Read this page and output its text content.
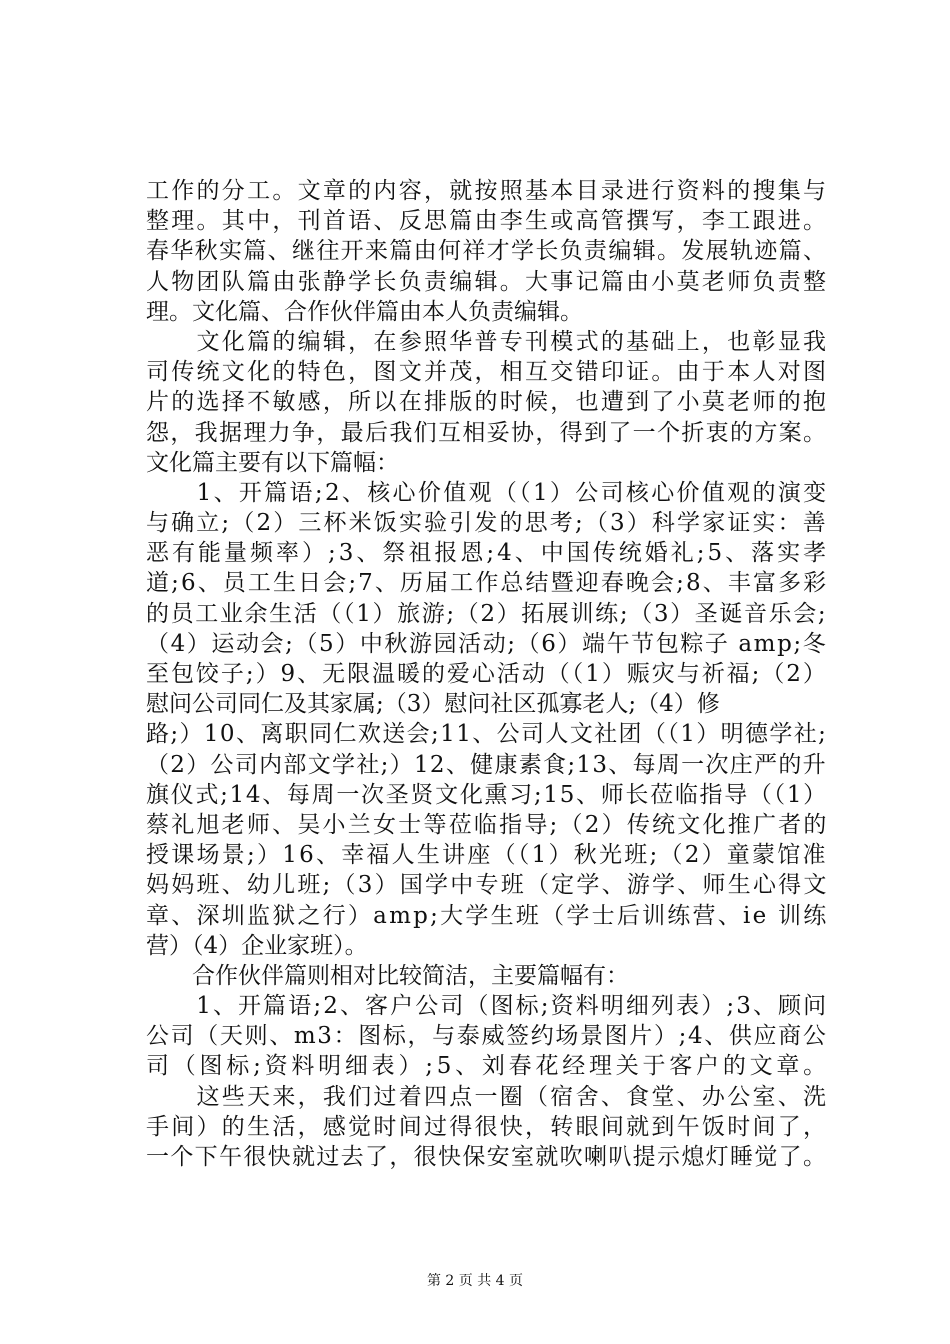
工作的分工。文章的内容，就按照基本目录进行资料的搜集与
整理。其中，刊首语、反思篇由李生或高管撰写，李工跟进。
春华秋实篇、继往开来篇由何祥才学长负责编辑。发展轨迹篇、
人物团队篇由张静学长负责编辑。大事记篇由小莫老师负责整
理。文化篇、合作伙伴篇由本人负责编辑。
　　文化篇的编辑，在参照华普专刊模式的基础上，也彰显我
司传统文化的特色，图文并茂，相互交错印证。由于本人对图
片的选择不敏感，所以在排版的时候，也遭到了小莫老师的抱
怨，我据理力争，最后我们互相妥协，得到了一个折衷的方案。
文化篇主要有以下篇幅：
　　1、开篇语;2、核心价值观（（1）公司核心价值观的演变
与确立;（2）三杯米饭实验引发的思考;（3）科学家证实：善
恶有能量频率）;3、祭祖报恩;4、中国传统婚礼;5、落实孝
道;6、员工生日会;7、历届工作总结暨迎春晚会;8、丰富多彩
的员工业余生活（（1）旅游;（2）拓展训练;（3）圣诞音乐会;
（4）运动会;（5）中秋游园活动;（6）端午节包粽子 amp;冬
至包饺子;）9、无限温暖的爱心活动（（1）赈灾与祈福;（2）
慰问公司同仁及其家属;（3）慰问社区孤寡老人;（4）修
路;）10、离职同仁欢送会;11、公司人文社团（（1）明德学社;
（2）公司内部文学社;）12、健康素食;13、每周一次庄严的升
旗仪式;14、每周一次圣贤文化熏习;15、师长莅临指导（（1）
蔡礼旭老师、吴小兰女士等莅临指导;（2）传统文化推广者的
授课场景;）16、幸福人生讲座（（1）秋光班;（2）童蒙馆准
妈妈班、幼儿班;（3）国学中专班（定学、游学、师生心得文
章、深圳监狱之行）amp;大学生班（学士后训练营、ie 训练
营）（4）企业家班）。
　　合作伙伴篇则相对比较简洁，主要篇幅有：
　　1、开篇语;2、客户公司（图标;资料明细列表）;3、顾问
公司（天则、m3：图标，与泰威签约场景图片）;4、供应商公
司（图标;资料明细表）;5、刘春花经理关于客户的文章。
　　这些天来，我们过着四点一圈（宿舍、食堂、办公室、洗
手间）的生活，感觉时间过得很快，转眼间就到午饭时间了，
一个下午很快就过去了，很快保安室就吹喇叭提示熄灯睡觉了。
第 2 页 共 4 页
